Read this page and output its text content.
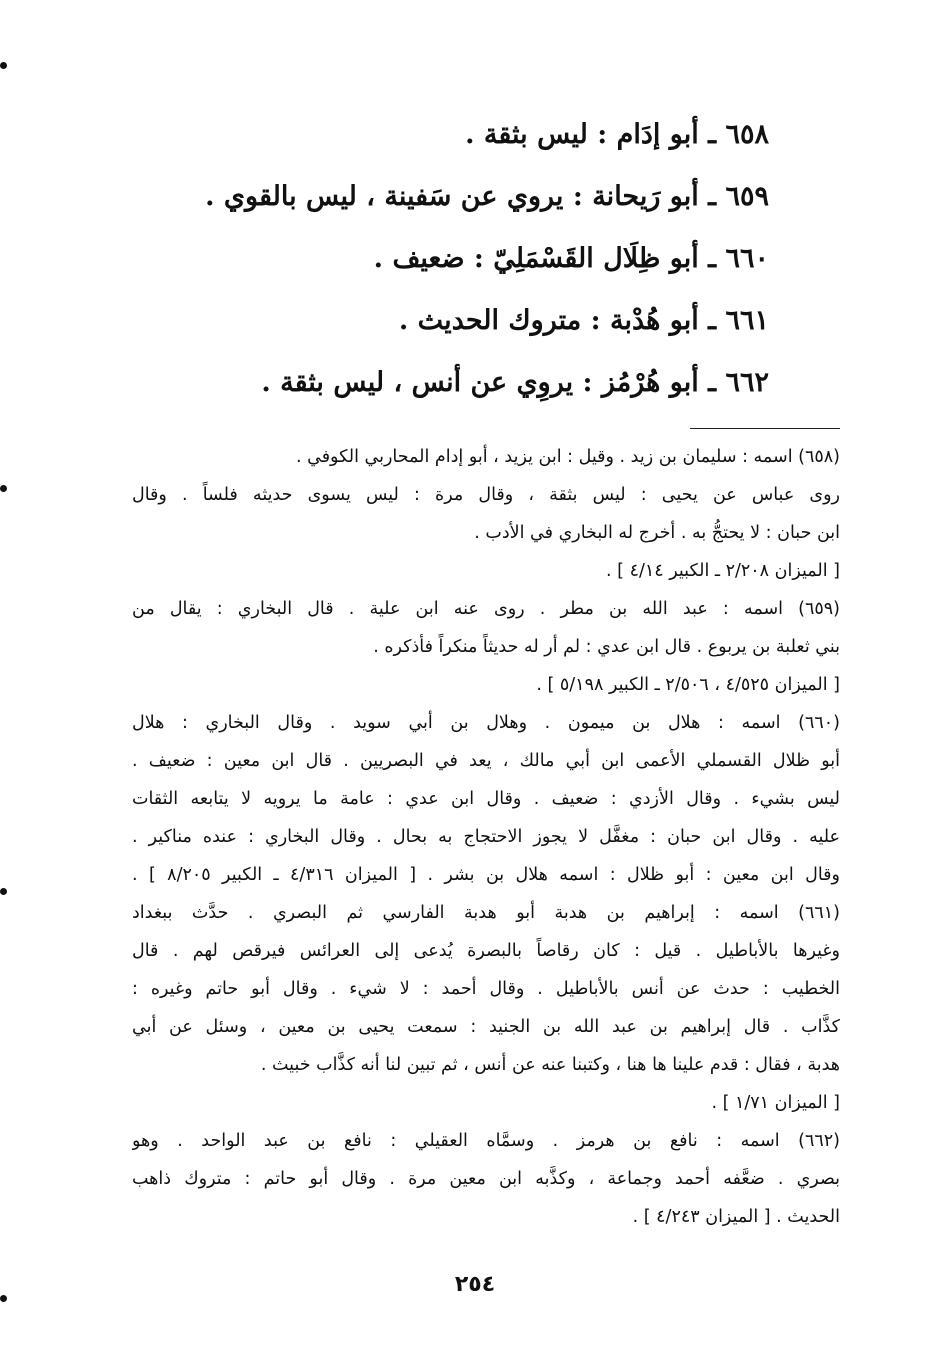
٦٥٨ ـ أبو إدَام : ليس بثقة .
٦٥٩ ـ أبو رَيحانة : يروي عن سَفينة ، ليس بالقوي .
٦٦٠ ـ أبو ظِلَال القَسْمَلِيّ : ضعيف .
٦٦١ ـ أبو هُدْبة : متروك الحديث .
٦٦٢ ـ أبو هُرْمُز : يروِي عن أنس ، ليس بثقة .
(٦٥٨) اسمه : سليمان بن زيد . وقيل : ابن يزيد ، أبو إدام المحاربي الكوفي .
روى عباس عن يحيى : ليس بثقة ، وقال مرة : ليس يسوى حديثه فلساً . وقال
ابن حبان : لا يحتجُّ به . أخرج له البخاري في الأدب .
[ الميزان ٢/٢٠٨ ـ الكبير ٤/١٤ ] .
(٦٥٩) اسمه : عبد الله بن مطر . روى عنه ابن علية . قال البخاري : يقال من
بني ثعلبة بن يربوع . قال ابن عدي : لم أر له حديثاً منكراً فأذكره .
[ الميزان ٤/٥٢٥ ، ٢/٥٠٦ ـ الكبير ٥/١٩٨ ] .
(٦٦٠) اسمه : هلال بن ميمون . وهلال بن أبي سويد . وقال البخاري : هلال
أبو ظلال القسملي الأعمى ابن أبي مالك ، يعد في البصريين . قال ابن معين : ضعيف .
ليس بشيء . وقال الأزدي : ضعيف . وقال ابن عدي : عامة ما يرويه لا يتابعه الثقات
عليه . وقال ابن حبان : مغفَّل لا يجوز الاحتجاج به بحال . وقال البخاري : عنده مناكير .
وقال ابن معين : أبو ظلال : اسمه هلال بن بشر . [ الميزان ٤/٣١٦ ـ الكبير ٨/٢٠٥ ] .
(٦٦١) اسمه : إبراهيم بن هدبة أبو هدبة الفارسي ثم البصري . حدَّث ببغداد
وغيرها بالأباطيل . قيل : كان رقاصاً بالبصرة يُدعى إلى العرائس فيرقص لهم . قال
الخطيب : حدث عن أنس بالأباطيل . وقال أحمد : لا شيء . وقال أبو حاتم وغيره :
كذَّاب . قال إبراهيم بن عبد الله بن الجنيد : سمعت يحيى بن معين ، وسئل عن أبي
هدبة ، فقال : قدم علينا ها هنا ، وكتبنا عنه عن أنس ، ثم تبين لنا أنه كذَّاب خبيث .
[ الميزان ١/٧١ ] .
(٦٦٢) اسمه : نافع بن هرمز . وسمَّاه العقيلي : نافع بن عبد الواحد . وهو
بصري . ضعَّفه أحمد وجماعة ، وكذَّبه ابن معين مرة . وقال أبو حاتم : متروك ذاهب
الحديث . [ الميزان ٤/٢٤٣ ] .
٢٥٤
